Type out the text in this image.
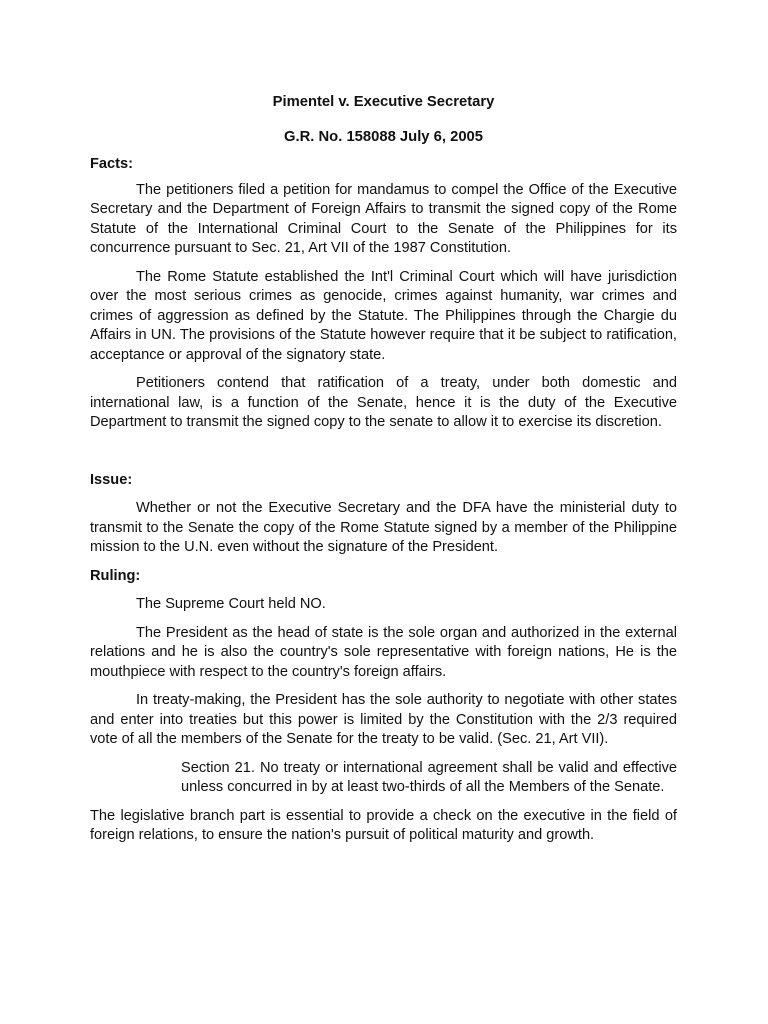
Pimentel v. Executive Secretary
G.R. No. 158088 July 6, 2005
Facts:

The petitioners filed a petition for mandamus to compel the Office of the Executive Secretary and the Department of Foreign Affairs to transmit the signed copy of the Rome Statute of the International Criminal Court to the Senate of the Philippines for its concurrence pursuant to Sec. 21, Art VII of the 1987 Constitution.

The Rome Statute established the Int'l Criminal Court which will have jurisdiction over the most serious crimes as genocide, crimes against humanity, war crimes and crimes of aggression as defined by the Statute. The Philippines through the Chargie du Affairs in UN. The provisions of the Statute however require that it be subject to ratification, acceptance or approval of the signatory state.

Petitioners contend that ratification of a treaty, under both domestic and international law, is a function of the Senate, hence it is the duty of the Executive Department to transmit the signed copy to the senate to allow it to exercise its discretion.

Issue:

Whether or not the Executive Secretary and the DFA have the ministerial duty to transmit to the Senate the copy of the Rome Statute signed by a member of the Philippine mission to the U.N. even without the signature of the President.

Ruling:

The Supreme Court held NO.

The President as the head of state is the sole organ and authorized in the external relations and he is also the country's sole representative with foreign nations, He is the mouthpiece with respect to the country's foreign affairs.

In treaty-making, the President has the sole authority to negotiate with other states and enter into treaties but this power is limited by the Constitution with the 2/3 required vote of all the members of the Senate for the treaty to be valid. (Sec. 21, Art VII).

Section 21. No treaty or international agreement shall be valid and effective unless concurred in by at least two-thirds of all the Members of the Senate.

The legislative branch part is essential to provide a check on the executive in the field of foreign relations, to ensure the nation's pursuit of political maturity and growth.
